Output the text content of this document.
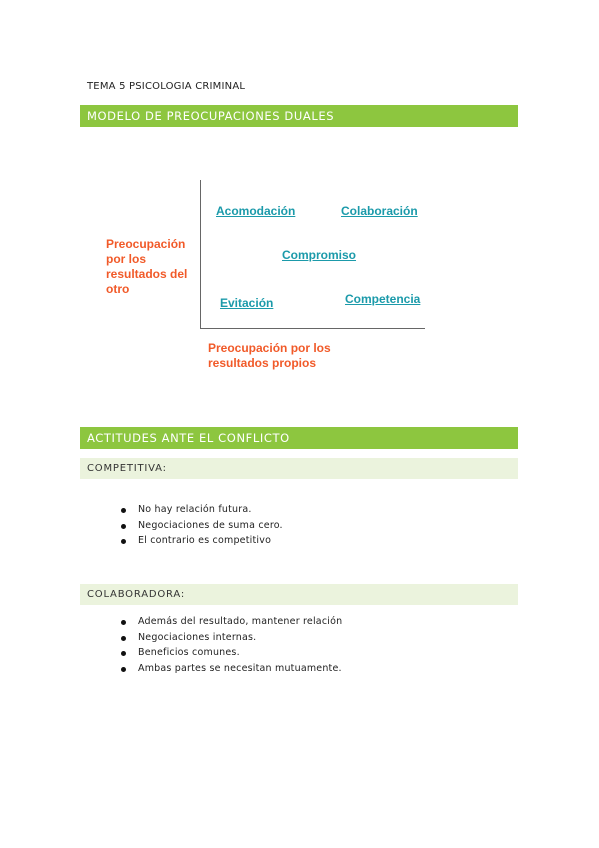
TEMA 5 PSICOLOGIA CRIMINAL
MODELO DE PREOCUPACIONES DUALES
Preocupación
por los
resultados del
otro
Preocupación por los
resultados propios
Acomodación	Colaboración
Compromiso
Evitación	Competencia
ACTITUDES ANTE EL CONFLICTO
COMPETITIVA:
No hay relación futura.
Negociaciones de suma cero.
El contrario es competitivo
COLABORADORA:
Además del resultado, mantener relación
Negociaciones internas.
Beneficios comunes.
Ambas partes se necesitan mutuamente.
